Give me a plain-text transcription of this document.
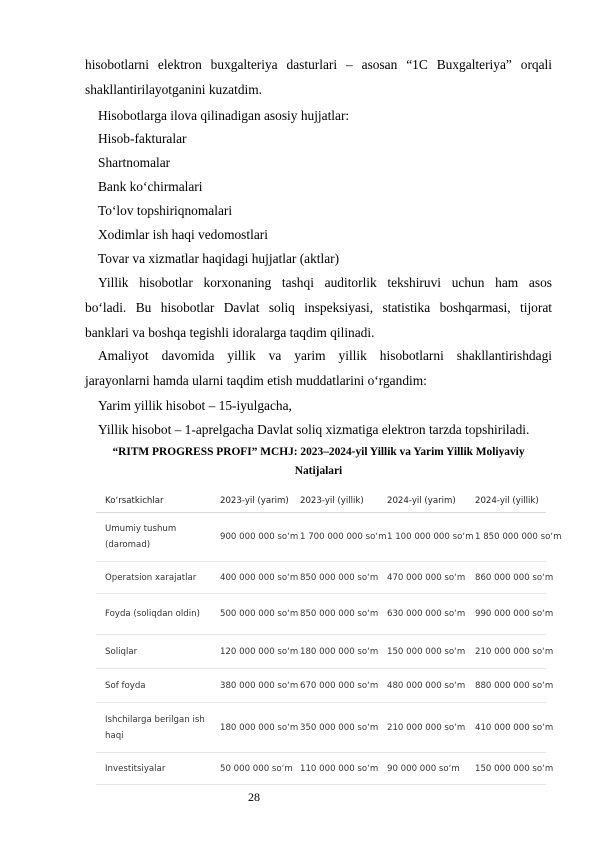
hisobotlarni elektron buxgalteriya dasturlari – asosan “1C Buxgalteriya” orqali
shakllantirilayotganini kuzatdim.
Hisobotlarga ilova qilinadigan asosiy hujjatlar:
Hisob-fakturalar
Shartnomalar
Bank ko‘chirmalari
To‘lov topshiriqnomalari
Xodimlar ish haqi vedomostlari
Tovar va xizmatlar haqidagi hujjatlar (aktlar)
Yillik hisobotlar korxonaning tashqi auditorlik tekshiruvi uchun ham asos
bo‘ladi. Bu hisobotlar Davlat soliq inspeksiyasi, statistika boshqarmasi, tijorat
banklari va boshqa tegishli idoralarga taqdim qilinadi.
Amaliyot davomida yillik va yarim yillik hisobotlarni shakllantirishdagi
jarayonlarni hamda ularni taqdim etish muddatlarini o‘rgandim:
Yarim yillik hisobot – 15-iyulgacha,
Yillik hisobot – 1-aprelgacha Davlat soliq xizmatiga elektron tarzda topshiriladi.
“RITM PROGRESS PROFI” MCHJ: 2023–2024-yil Yillik va Yarim Yillik Moliyaviy
Natijalari
Ko‘rsatkichlar	2023-yil (yarim)	2023-yil (yillik)	2024-yil (yarim)	2024-yil (yillik)
Umumiy tushum (daromad)	900 000 000 so‘m	1 700 000 000 so‘m	1 100 000 000 so‘m	1 850 000 000 so‘m
Operatsion xarajatlar	400 000 000 so‘m	850 000 000 so‘m	470 000 000 so‘m	860 000 000 so‘m
Foyda (soliqdan oldin)	500 000 000 so‘m	850 000 000 so‘m	630 000 000 so‘m	990 000 000 so‘m
Soliqlar	120 000 000 so‘m	180 000 000 so‘m	150 000 000 so‘m	210 000 000 so‘m
Sof foyda	380 000 000 so‘m	670 000 000 so‘m	480 000 000 so‘m	880 000 000 so‘m
Ishchilarga berilgan ish haqi	180 000 000 so‘m	350 000 000 so‘m	210 000 000 so‘m	410 000 000 so‘m
Investitsiyalar	50 000 000 so‘m	110 000 000 so‘m	90 000 000 so‘m	150 000 000 so‘m
28
